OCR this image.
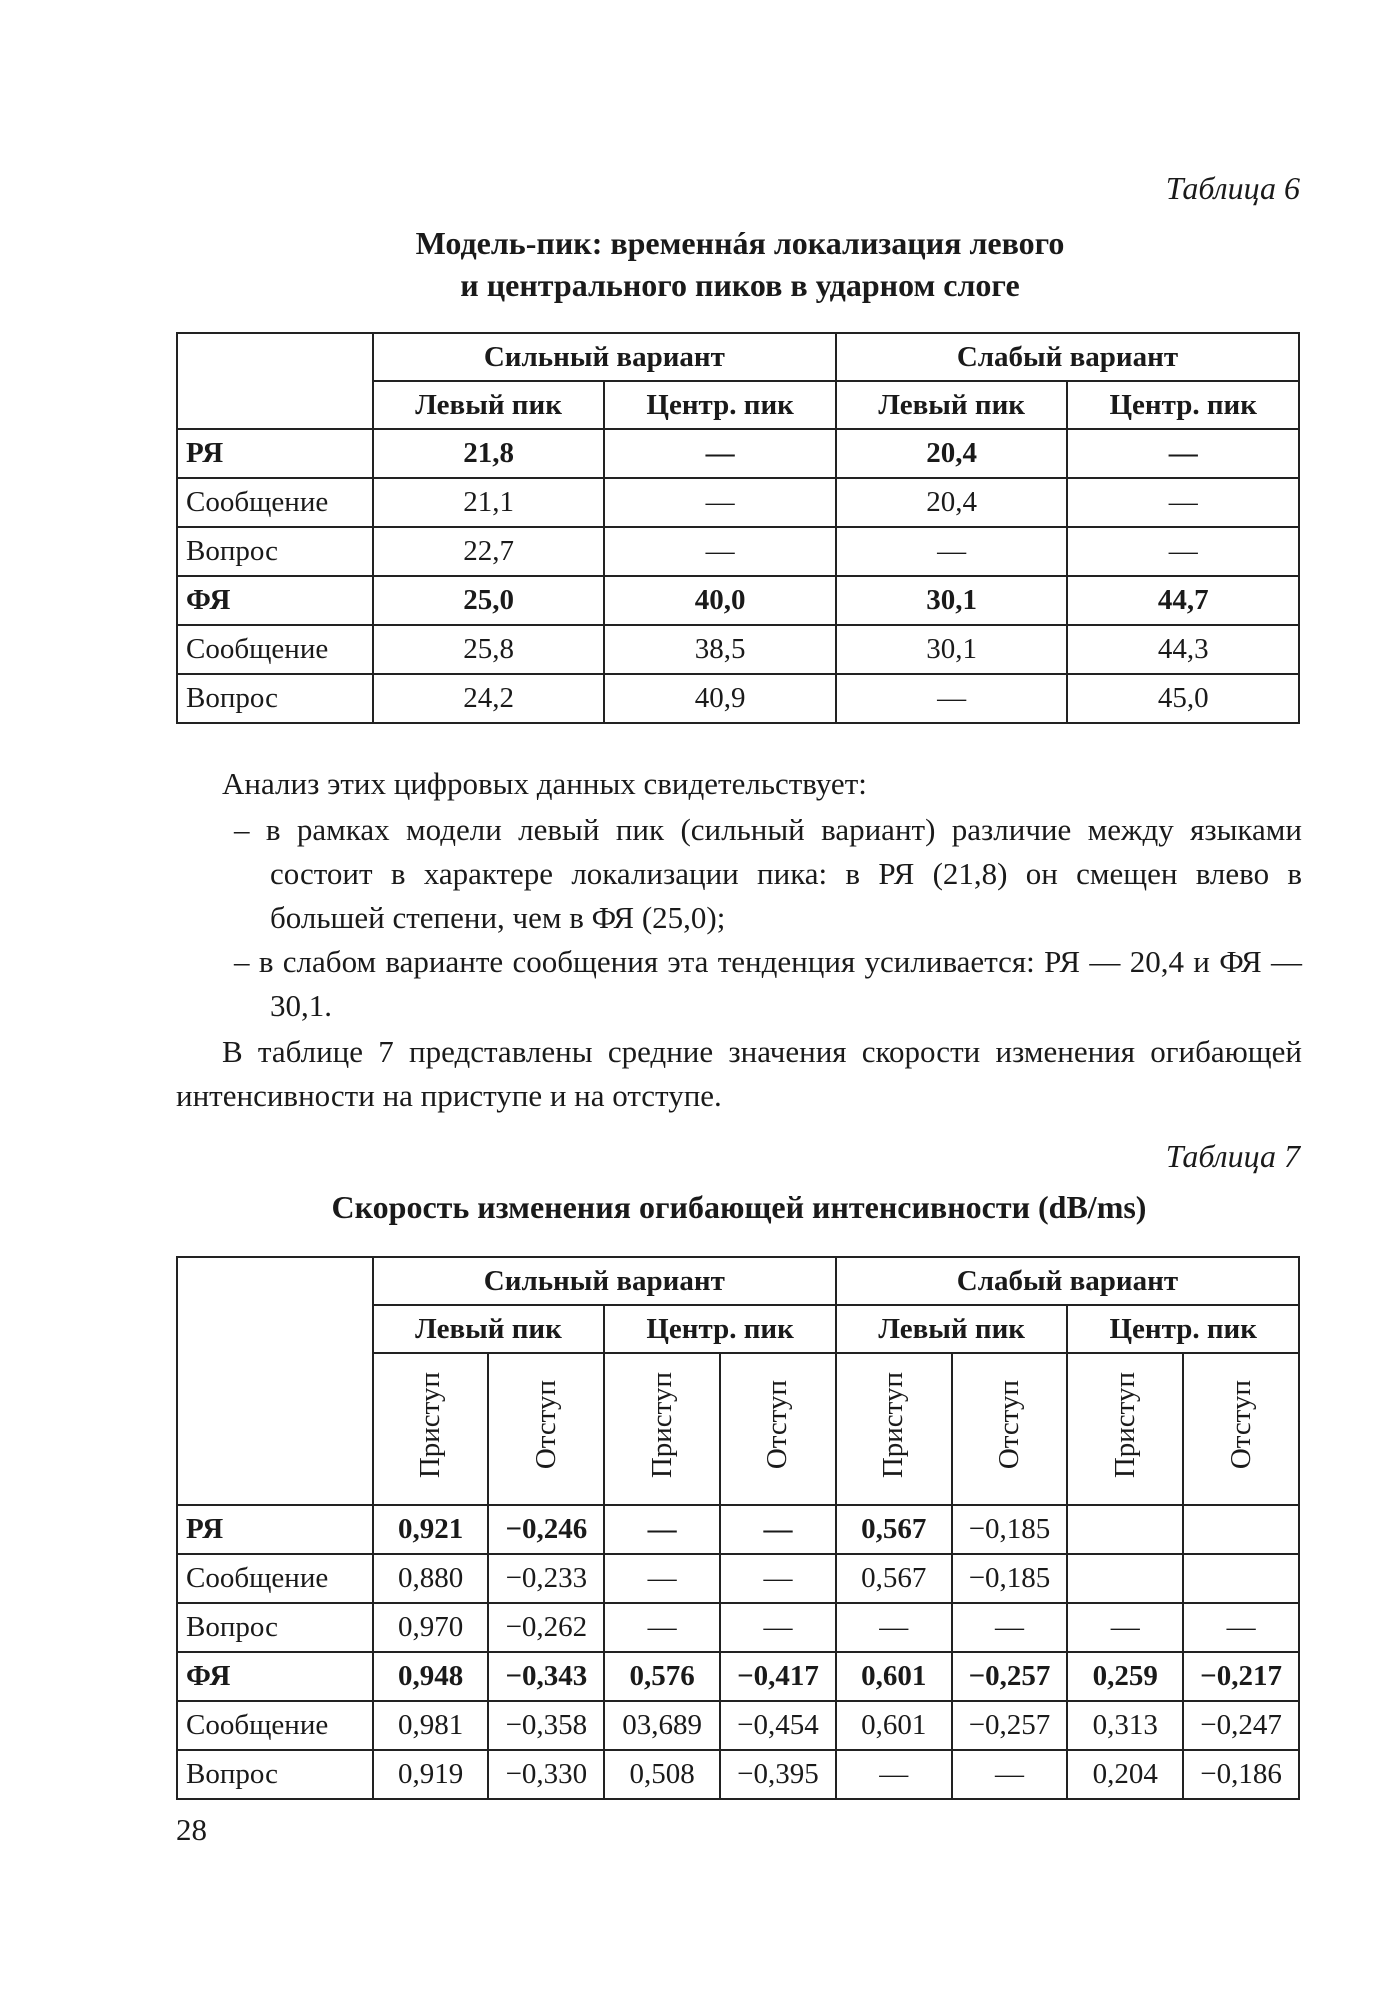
Таблица 6
Модель-пик: временнáя локализация левого
и центрального пиков в ударном слоге
	Сильный вариант		Слабый вариант	
	Левый пик	Центр. пик	Левый пик	Центр. пик
РЯ	21,8	—	20,4	—
Сообщение	21,1	—	20,4	—
Вопрос	22,7	—	—	—
ФЯ	25,0	40,0	30,1	44,7
Сообщение	25,8	38,5	30,1	44,3
Вопрос	24,2	40,9	—	45,0
Анализ этих цифровых данных свидетельствует:
– в рамках модели левый пик (сильный вариант) различие между языками состоит в характере локализации пика: в РЯ (21,8) он смещен влево в большей степени, чем в ФЯ (25,0);
– в слабом варианте сообщения эта тенденция усиливается: РЯ — 20,4 и ФЯ — 30,1.
В таблице 7 представлены средние значения скорости изменения огибающей интенсивности на приступе и на отступе.
Таблица 7
Скорость изменения огибающей интенсивности (dB/ms)
	Сильный вариант				Слабый вариант			
	Левый пик		Центр. пик		Левый пик		Центр. пик	
	Приступ	Отступ	Приступ	Отступ	Приступ	Отступ	Приступ	Отступ
РЯ	0,921	−0,246	—	—	0,567	−0,185		
Сообщение	0,880	−0,233	—	—	0,567	−0,185		
Вопрос	0,970	−0,262	—	—	—	—	—	—
ФЯ	0,948	−0,343	0,576	−0,417	0,601	−0,257	0,259	−0,217
Сообщение	0,981	−0,358	03,689	−0,454	0,601	−0,257	0,313	−0,247
Вопрос	0,919	−0,330	0,508	−0,395	—	—	0,204	−0,186
28
